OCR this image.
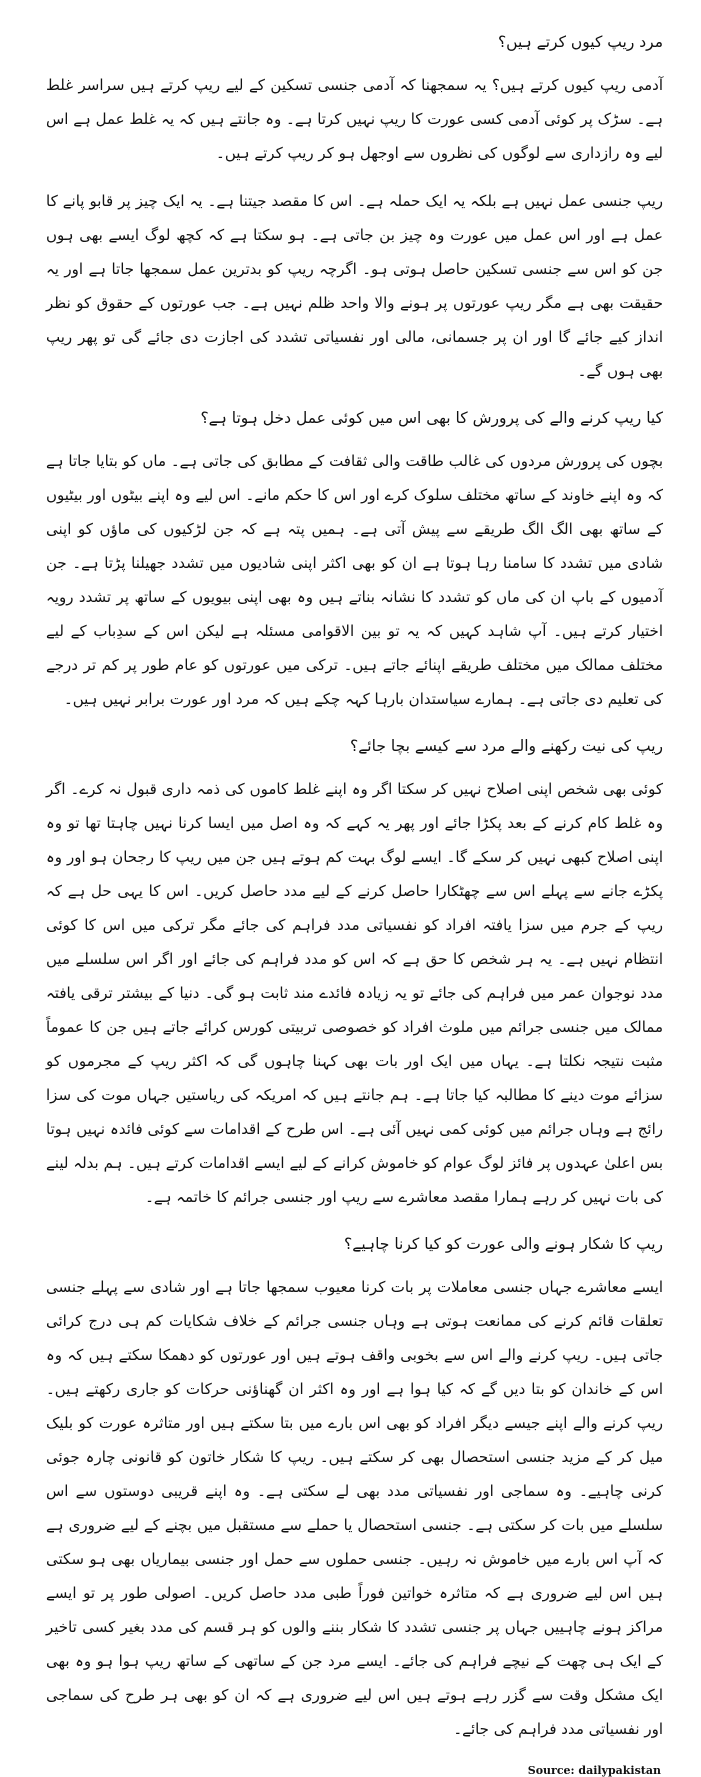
مرد ریپ کیوں کرتے ہیں؟
آدمی ریپ کیوں کرتے ہیں؟ یہ سمجھنا کہ آدمی جنسی تسکین کے لیے ریپ کرتے ہیں سراسر غلط ہے۔ سڑک پر کوئی آدمی کسی عورت کا ریپ نہیں کرتا ہے۔ وہ جانتے ہیں کہ یہ غلط عمل ہے اس لیے وہ رازداری سے لوگوں کی نظروں سے اوجھل ہو کر ریپ کرتے ہیں۔
ریپ جنسی عمل نہیں ہے بلکہ یہ ایک حملہ ہے۔ اس کا مقصد جیتنا ہے۔ یہ ایک چیز پر قابو پانے کا عمل ہے اور اس عمل میں عورت وہ چیز بن جاتی ہے۔ ہو سکتا ہے کہ کچھ لوگ ایسے بھی ہوں جن کو اس سے جنسی تسکین حاصل ہوتی ہو۔ اگرچہ ریپ کو بدترین عمل سمجھا جاتا ہے اور یہ حقیقت بھی ہے مگر ریپ عورتوں پر ہونے والا واحد ظلم نہیں ہے۔ جب عورتوں کے حقوق کو نظر انداز کیے جائے گا اور ان پر جسمانی، مالی اور نفسیاتی تشدد کی اجازت دی جائے گی تو پھر ریپ بھی ہوں گے۔
کیا ریپ کرنے والے کی پرورش کا بھی اس میں کوئی عمل دخل ہوتا ہے؟
بچوں کی پرورش مردوں کی غالب طاقت والی ثقافت کے مطابق کی جاتی ہے۔ ماں کو بتایا جاتا ہے کہ وہ اپنے خاوند کے ساتھ مختلف سلوک کرے اور اس کا حکم مانے۔ اس لیے وہ اپنے بیٹوں اور بیٹیوں کے ساتھ بھی الگ الگ طریقے سے پیش آتی ہے۔ ہمیں پتہ ہے کہ جن لڑکیوں کی ماؤں کو اپنی شادی میں تشدد کا سامنا رہا ہوتا ہے ان کو بھی اکثر اپنی شادیوں میں تشدد جھیلنا پڑتا ہے۔ جن آدمیوں کے باپ ان کی ماں کو تشدد کا نشانہ بناتے ہیں وہ بھی اپنی بیویوں کے ساتھ پر تشدد رویہ اختیار کرتے ہیں۔ آپ شاہد کہیں کہ یہ تو بین الاقوامی مسئلہ ہے لیکن اس کے سدِباب کے لیے مختلف ممالک میں مختلف طریقے اپنائے جاتے ہیں۔ ترکی میں عورتوں کو عام طور پر کم تر درجے کی تعلیم دی جاتی ہے۔ ہمارے سیاستدان بارہا کہہ چکے ہیں کہ مرد اور عورت برابر نہیں ہیں۔
ریپ کی نیت رکھنے والے مرد سے کیسے بچا جائے؟
کوئی بھی شخص اپنی اصلاح نہیں کر سکتا اگر وہ اپنے غلط کاموں کی ذمہ داری قبول نہ کرے۔ اگر وہ غلط کام کرنے کے بعد پکڑا جائے اور پھر یہ کہے کہ وہ اصل میں ایسا کرنا نہیں چاہتا تھا تو وہ اپنی اصلاح کبھی نہیں کر سکے گا۔ ایسے لوگ بہت کم ہوتے ہیں جن میں ریپ کا رجحان ہو اور وہ پکڑے جانے سے پہلے اس سے چھٹکارا حاصل کرنے کے لیے مدد حاصل کریں۔ اس کا یہی حل ہے کہ ریپ کے جرم میں سزا یافتہ افراد کو نفسیاتی مدد فراہم کی جائے مگر ترکی میں اس کا کوئی انتظام نہیں ہے۔ یہ ہر شخص کا حق ہے کہ اس کو مدد فراہم کی جائے اور اگر اس سلسلے میں مدد نوجوان عمر میں فراہم کی جائے تو یہ زیادہ فائدے مند ثابت ہو گی۔ دنیا کے بیشتر ترقی یافتہ ممالک میں جنسی جرائم میں ملوث افراد کو خصوصی تربیتی کورس کرائے جاتے ہیں جن کا عموماً مثبت نتیجہ نکلتا ہے۔ یہاں میں ایک اور بات بھی کہنا چاہوں گی کہ اکثر ریپ کے مجرموں کو سزائے موت دینے کا مطالبہ کیا جاتا ہے۔ ہم جانتے ہیں کہ امریکہ کی ریاستیں جہاں موت کی سزا رائج ہے وہاں جرائم میں کوئی کمی نہیں آئی ہے۔ اس طرح کے اقدامات سے کوئی فائدہ نہیں ہوتا بس اعلیٰ عہدوں پر فائز لوگ عوام کو خاموش کرانے کے لیے ایسے اقدامات کرتے ہیں۔ ہم بدلہ لینے کی بات نہیں کر رہے ہمارا مقصد معاشرے سے ریپ اور جنسی جرائم کا خاتمہ ہے۔
ریپ کا شکار ہونے والی عورت کو کیا کرنا چاہیے؟
ایسے معاشرے جہاں جنسی معاملات پر بات کرنا معیوب سمجھا جاتا ہے اور شادی سے پہلے جنسی تعلقات قائم کرنے کی ممانعت ہوتی ہے وہاں جنسی جرائم کے خلاف شکایات کم ہی درج کرائی جاتی ہیں۔ ریپ کرنے والے اس سے بخوبی واقف ہوتے ہیں اور عورتوں کو دھمکا سکتے ہیں کہ وہ اس کے خاندان کو بتا دیں گے کہ کیا ہوا ہے اور وہ اکثر ان گھناؤنی حرکات کو جاری رکھتے ہیں۔ ریپ کرنے والے اپنے جیسے دیگر افراد کو بھی اس بارے میں بتا سکتے ہیں اور متاثرہ عورت کو بلیک میل کر کے مزید جنسی استحصال بھی کر سکتے ہیں۔ ریپ کا شکار خاتون کو قانونی چارہ جوئی کرنی چاہیے۔ وہ سماجی اور نفسیاتی مدد بھی لے سکتی ہے۔ وہ اپنے قریبی دوستوں سے اس سلسلے میں بات کر سکتی ہے۔ جنسی استحصال یا حملے سے مستقبل میں بچنے کے لیے ضروری ہے کہ آپ اس بارے میں خاموش نہ رہیں۔ جنسی حملوں سے حمل اور جنسی بیماریاں بھی ہو سکتی ہیں اس لیے ضروری ہے کہ متاثرہ خواتین فوراً طبی مدد حاصل کریں۔ اصولی طور پر تو ایسے مراکز ہونے چاہییں جہاں پر جنسی تشدد کا شکار بننے والوں کو ہر قسم کی مدد بغیر کسی تاخیر کے ایک ہی چھت کے نیچے فراہم کی جائے۔ ایسے مرد جن کے ساتھی کے ساتھ ریپ ہوا ہو وہ بھی ایک مشکل وقت سے گزر رہے ہوتے ہیں اس لیے ضروری ہے کہ ان کو بھی ہر طرح کی سماجی اور نفسیاتی مدد فراہم کی جائے۔
Source: dailypakistan
